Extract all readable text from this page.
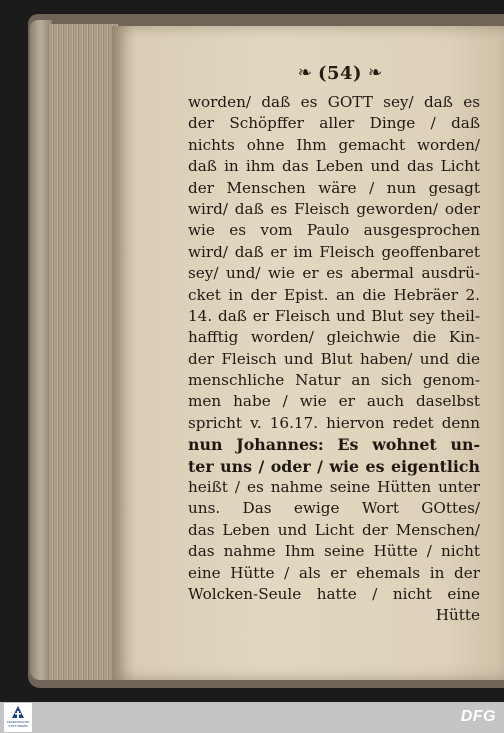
❧ (54) ❧
worden/ daß es GOTT sey/ daß es
der Schöpffer aller Dinge / daß
nichts ohne Ihm gemacht worden/
daß in ihm das Leben und das Licht
der Menschen wäre / nun gesagt
wird/ daß es Fleisch geworden/ oder
wie es vom Paulo ausgesprochen
wird/ daß er im Fleisch geoffenbaret
sey/ und/ wie er es abermal ausdrü-
cket in der Epist. an die Hebräer 2.
14. daß er Fleisch und Blut sey theil-
hafftig worden/ gleichwie die Kin-
der Fleisch und Blut haben/ und die
menschliche Natur an sich genom-
men habe / wie er auch daselbst
spricht v. 16.17. hiervon redet denn
nun Johannes: Es wohnet un-
ter uns / oder / wie es eigentlich
heißt / es nahme seine Hütten unter
uns. Das ewige Wort GOttes/
das Leben und Licht der Menschen/
das nahme Ihm seine Hütte / nicht
eine Hütte / als er ehemals in der
Wolcken-Seule hatte / nicht eine
Hütte
FRANCKESCHE
STIFTUNGEN
DFG
